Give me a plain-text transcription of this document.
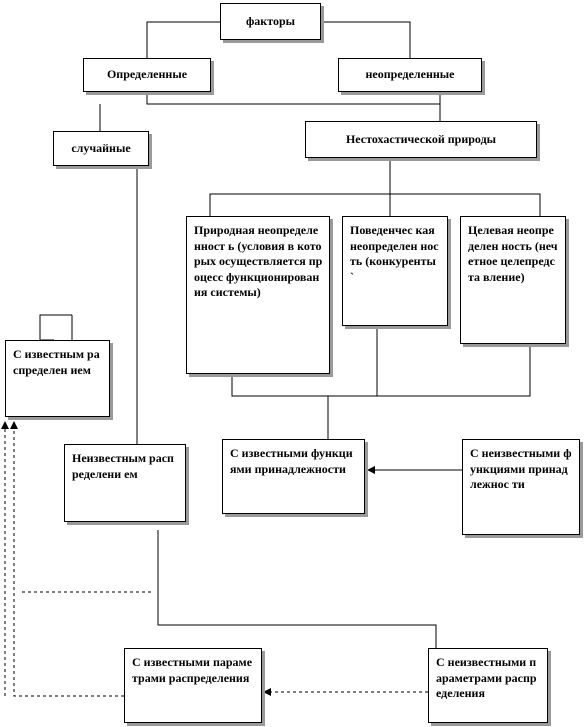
факторы
Определенные	неопределенные
случайные
Нестохастической природы
Природная неопределенност ь (условия в которых осуществляется процесс функционирован ия системы)
Поведенчес кая неопределен ность (конкуренты `
Целевая неопределен ность (нечетное целепредста вление)
С известным распределен ием
Неизвестным распределени ем
С известными функциями принадлежности
С неизвестными функциями принадлежнос ти
С известными параметрами распределения
С неизвестными параметрами распределения
